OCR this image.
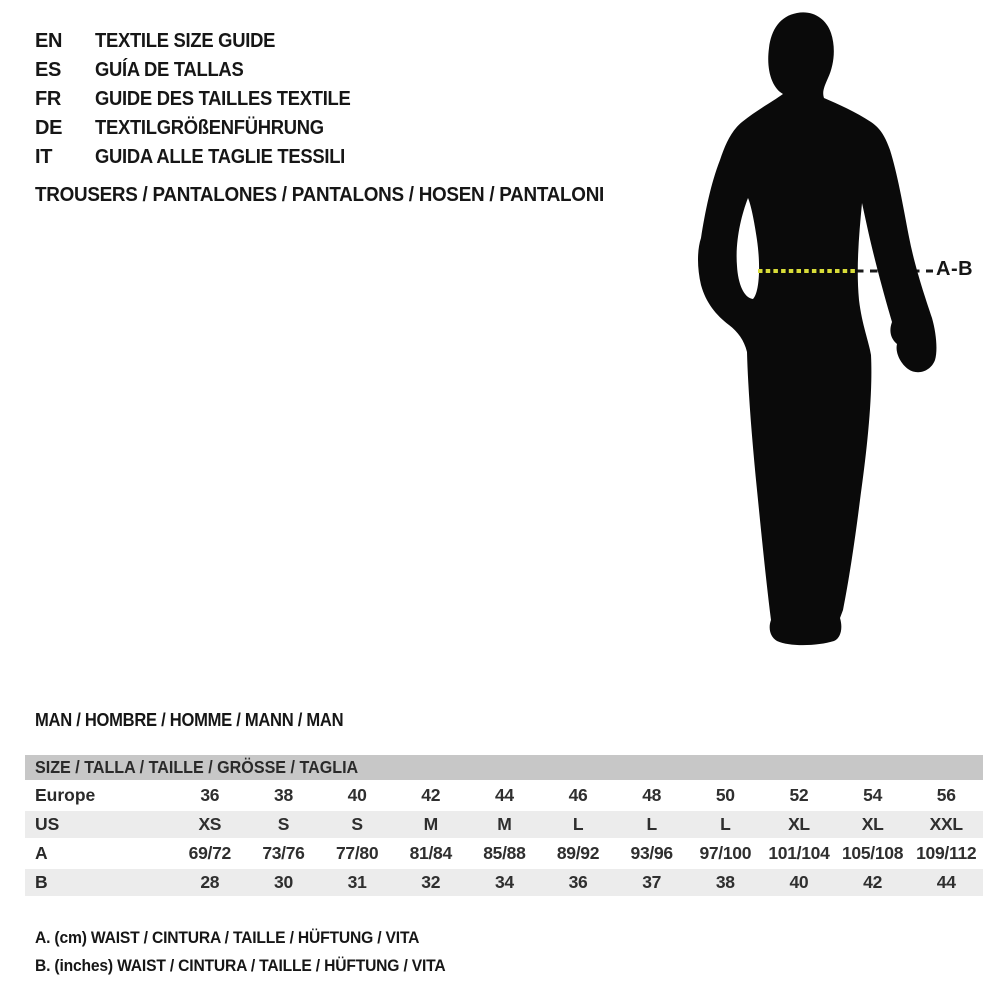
A-B
EN	TEXTILE SIZE GUIDE
ES	GUÍA DE TALLAS
FR	GUIDE DES TAILLES TEXTILE
DE	TEXTILGRÖßENFÜHRUNG
IT	GUIDA ALLE TAGLIE TESSILI
TROUSERS / PANTALONES / PANTALONS / HOSEN / PANTALONI
MAN / HOMBRE / HOMME / MANN / MAN
SIZE / TALLA / TAILLE / GRÖSSE / TAGLIA
Europe	36	38	40	42	44	46	48	50	52	54	56
US	XS	S	S	M	M	L	L	L	XL	XL	XXL
A	69/72	73/76	77/80	81/84	85/88	89/92	93/96	97/100 101/104 105/108 109/112
B	28	30	31	32	34	36	37	38	40	42	44
A. (cm) WAIST / CINTURA / TAILLE / HÜFTUNG / VITA
B. (inches) WAIST / CINTURA / TAILLE / HÜFTUNG / VITA
